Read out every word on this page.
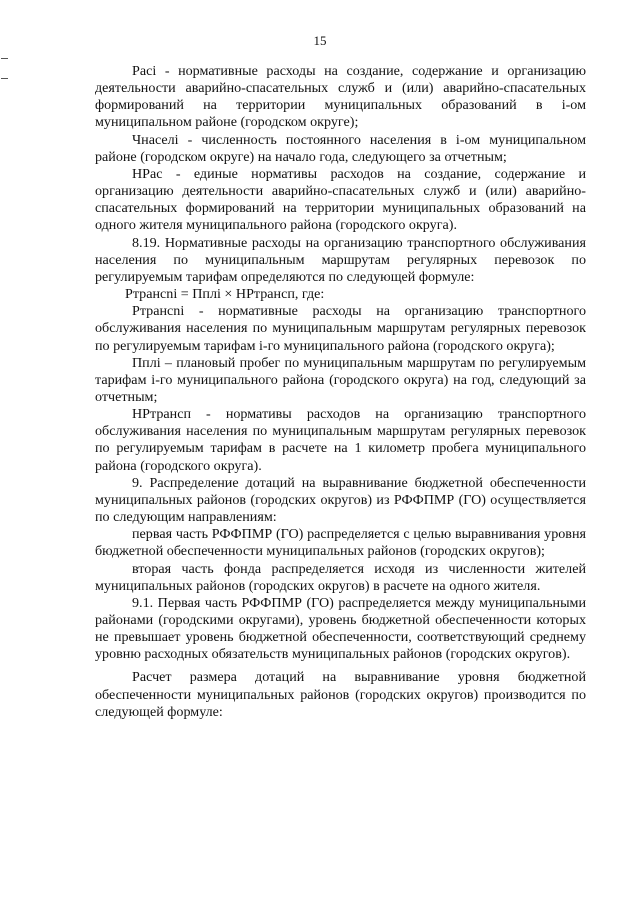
15

Pacі - нормативные расходы на создание, содержание и организацию деятельности аварийно-спасательных служб и (или) аварийно-спасательных формирований на территории муниципальных образований в і-ом муниципальном районе (городском округе);

Чнаселі - численность постоянного населения в і-ом муниципальном районе (городском округе) на начало года, следующего за отчетным;

НРас - единые нормативы расходов на создание, содержание и организацию деятельности аварийно-спасательных служб и (или) аварийно-спасательных формирований на территории муниципальных образований на одного жителя муниципального района (городского округа).

8.19. Нормативные расходы на организацию транспортного обслуживания населения по муниципальным маршрутам регулярных перевозок по регулируемым тарифам определяются по следующей формуле:

Ртрансnі = Пплі × НРтрансп, где:

Ртрансnі - нормативные расходы на организацию транспортного обслуживания населения по муниципальным маршрутам регулярных перевозок по регулируемым тарифам і-го муниципального района (городского округа);

Пплі – плановый пробег по муниципальным маршрутам по регулируемым тарифам і-го муниципального района (городского округа) на год, следующий за отчетным;

НРтрансп - нормативы расходов на организацию транспортного обслуживания населения по муниципальным маршрутам регулярных перевозок по регулируемым тарифам в расчете на 1 километр пробега муниципального района (городского округа).

9. Распределение дотаций на выравнивание бюджетной обеспеченности муниципальных районов (городских округов) из РФФПМР (ГО) осуществляется по следующим направлениям:

первая часть РФФПМР (ГО) распределяется с целью выравнивания уровня бюджетной обеспеченности муниципальных районов (городских округов);

вторая часть фонда распределяется исходя из численности жителей муниципальных районов (городских округов) в расчете на одного жителя.

9.1. Первая часть РФФПМР (ГО) распределяется между муниципальными районами (городскими округами), уровень бюджетной обеспеченности которых не превышает уровень бюджетной обеспеченности, соответствующий среднему уровню расходных обязательств муниципальных районов (городских округов).

Расчет размера дотаций на выравнивание уровня бюджетной обеспеченности муниципальных районов (городских округов) производится по следующей формуле:
